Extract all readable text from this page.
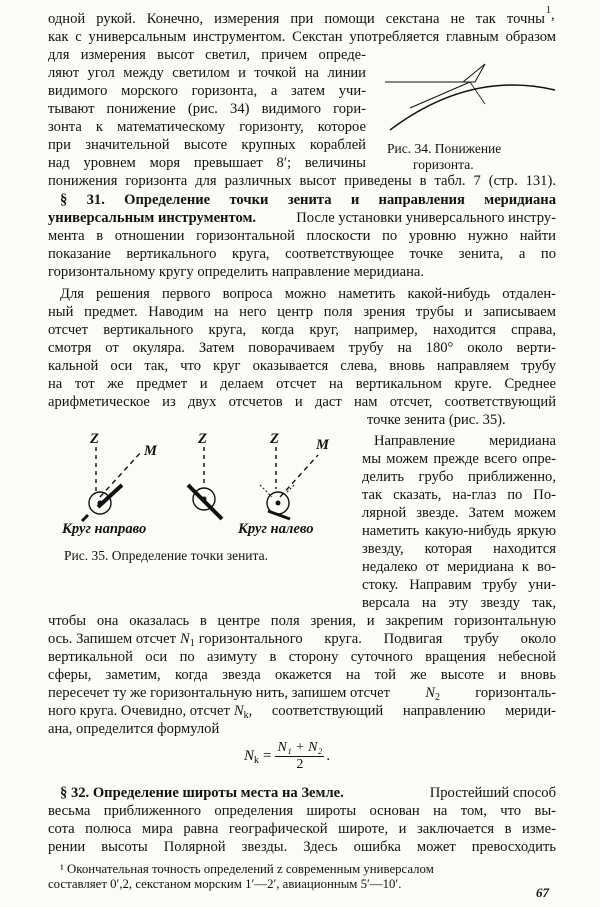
одной рукой. Конечно, измерения при помощи секстана не так точны
$^1$,
как с универсальным инструментом. Секстан употребляется главным образом
для измерения высот светил, причем опреде-
ляют угол между светилом и точкой на линии
видимого морского горизонта, а затем учи-
тывают понижение (рис. 34) видимого гори-
зонта к математическому горизонту, которое
при значительной высоте крупных кораблей
над уровнем моря превышает 8′; величины
понижения горизонта для различных высот приведены в табл. 7 (стр. 131).
Рис. 34. Понижение
горизонта.
§ 31. Определение точки зенита и направления меридиана
универсальным инструментом.	После установки универсального инстру-
мента в отношении горизонтальной плоскости по уровню нужно найти
показание вертикального круга, соответствующее точке зенита, а по
горизонтальному кругу определить направление меридиана.
Для решения первого вопроса можно наметить какой-нибудь отдален-
ный предмет. Наводим на него центр поля зрения трубы и записываем
отсчет вертикального круга, когда круг, например, находится справа,
смотря от окуляра. Затем поворачиваем трубу на 180° около верти-
кальной оси так, что круг оказывается слева, вновь направляем трубу
на тот же предмет и делаем отсчет на вертикальном круге. Среднее
арифметическое из двух отсчетов и даст нам отсчет, соответствующий
точке зенита (рис. 35).
Z
M
Z	Z	M
Круг направо	Круг налево
Рис. 35. Определение точки зенита.
Направление меридиана
мы можем прежде всего опре-
делить грубо приближенно,
так сказать, на-глаз по По-
лярной звезде. Затем можем
наметить какую-нибудь яркую
звезду, которая находится
недалеко от меридиана к во-
стоку. Направим трубу уни-
версала на эту звезду так,
чтобы она оказалась в центре поля зрения, и закрепим горизонтальную
ось. Запишем отсчет $N_1$ горизонтального круга. Подвигая трубу около
вертикальной оси по азимуту в сторону суточного вращения небесной
сферы, заметим, когда звезда окажется на той же высоте и вновь
пересечет ту же горизонтальную нить, запишем отсчет $N_2$ горизонталь-
ного круга. Очевидно, отсчет $N_k$ , соответствующий направлению мериди-
ана, определится формулой
$N_k = \frac{\text{N₁ + N₂}}{2}$ .
§ 32. Определение широты места на Земле.	Простейший способ
весьма приближенного определения широты основан на том, что вы-
сота полюса мира равна географической широте, и заключается в изме-
рении высоты Полярной звезды. Здесь ошибка может превосходить
¹ Окончательная точность определений z современным универсалом
составляет 0′,2, секстаном морским 1′—2′, авиационным 5′—10′.
67
